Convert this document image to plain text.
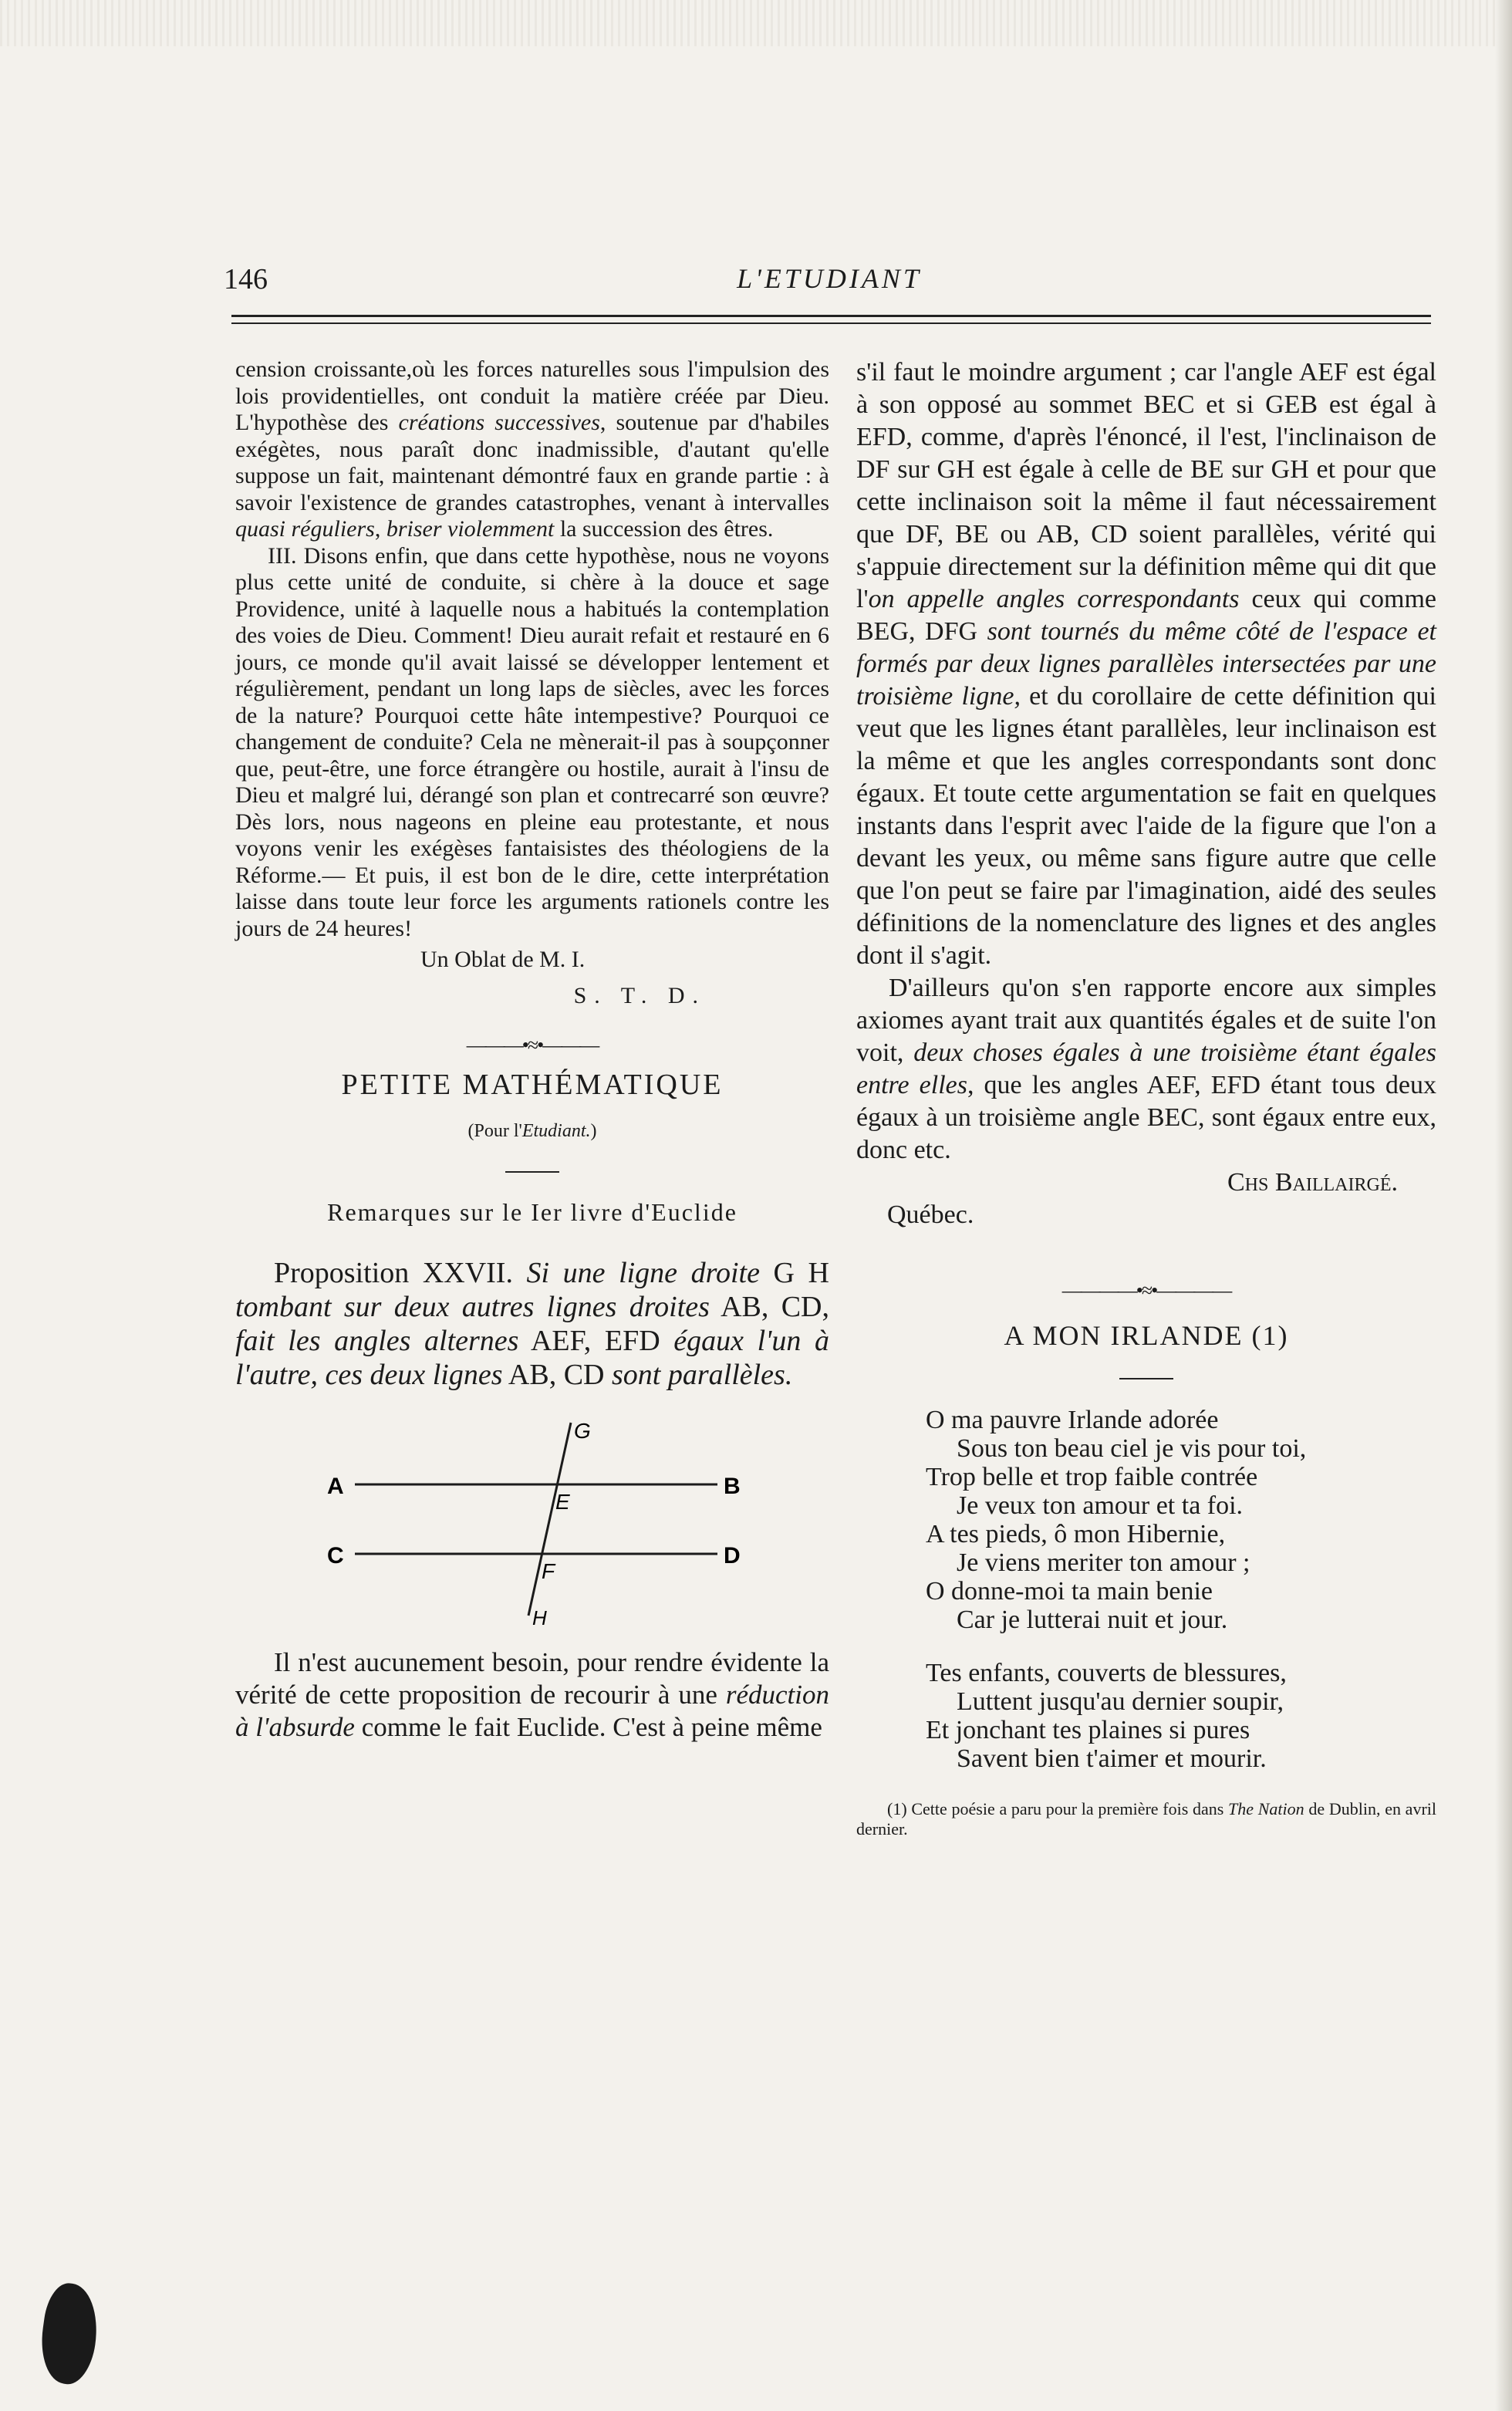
146	L'ETUDIANT

cension croissante,où les forces naturelles sous l'impulsion des lois providentielles, ont conduit la matière créée par Dieu. L'hypothèse des créations successives, soutenue par d'habiles exégètes, nous paraît donc inadmissible, d'autant qu'elle suppose un fait, maintenant démontré faux en grande partie : à savoir l'existence de grandes catastrophes, venant à intervalles quasi réguliers, briser violemment la succession des êtres.

III. Disons enfin, que dans cette hypothèse, nous ne voyons plus cette unité de conduite, si chère à la douce et sage Providence, unité à laquelle nous a habitués la contemplation des voies de Dieu. Comment! Dieu aurait refait et restauré en 6 jours, ce monde qu'il avait laissé se développer lentement et régulièrement, pendant un long laps de siècles, avec les forces de la nature? Pourquoi cette hâte intempestive? Pourquoi ce changement de conduite? Cela ne mènerait-il pas à soupçonner que, peut-être, une force étrangère ou hostile, aurait à l'insu de Dieu et malgré lui, dérangé son plan et contrecarré son œuvre? Dès lors, nous nageons en pleine eau protestante, et nous voyons venir les exégèses fantaisistes des théologiens de la Réforme.— Et puis, il est bon de le dire, cette interprétation laisse dans toute leur force les arguments rationels contre les jours de 24 heures!

Un Oblat de M. I.

S. T. D.

———•≈•———
PETITE MATHÉMATIQUE
(Pour l'Etudiant.)
Remarques sur le Ier livre d'Euclide

Proposition XXVII. Si une ligne droite G H tombant sur deux autres lignes droites AB, CD, fait les angles alternes AEF, EFD égaux l'un à l'autre, ces deux lignes AB, CD sont parallèles.

A	B
C	D
E
F
G
H

Il n'est aucunement besoin, pour rendre évidente la vérité de cette proposition de recourir à une réduction à l'absurde comme le fait Euclide. C'est à peine même

s'il faut le moindre argument ; car l'angle AEF est égal à son opposé au sommet BEC et si GEB est égal à EFD, comme, d'après l'énoncé, il l'est, l'inclinaison de DF sur GH est égale à celle de BE sur GH et pour que cette inclinaison soit la même il faut nécessairement que DF, BE ou AB, CD soient parallèles, vérité qui s'appuie directement sur la définition même qui dit que l'on appelle angles correspondants ceux qui comme BEG, DFG sont tournés du même côté de l'espace et formés par deux lignes parallèles intersectées par une troisième ligne, et du corollaire de cette définition qui veut que les lignes étant parallèles, leur inclinaison est la même et que les angles correspondants sont donc égaux. Et toute cette argumentation se fait en quelques instants dans l'esprit avec l'aide de la figure que l'on a devant les yeux, ou même sans figure autre que celle que l'on peut se faire par l'imagination, aidé des seules définitions de la nomenclature des lignes et des angles dont il s'agit.

D'ailleurs qu'on s'en rapporte encore aux simples axiomes ayant trait aux quantités égales et de suite l'on voit, deux choses égales à une troisième étant égales entre elles, que les angles AEF, EFD étant tous deux égaux à un troisième angle BEC, sont égaux entre eux, donc etc.

Chs Baillairgé.

Québec.

————•≈•————
A MON IRLANDE (1)
O ma pauvre Irlande adorée
Sous ton beau ciel je vis pour toi,
Trop belle et trop faible contrée
Je veux ton amour et ta foi.
A tes pieds, ô mon Hibernie,
Je viens meriter ton amour ;
O donne-moi ta main benie
Car je lutterai nuit et jour.
Tes enfants, couverts de blessures,
Luttent jusqu'au dernier soupir,
Et jonchant tes plaines si pures
Savent bien t'aimer et mourir.

(1) Cette poésie a paru pour la première fois dans The Nation de Dublin, en avril dernier.
